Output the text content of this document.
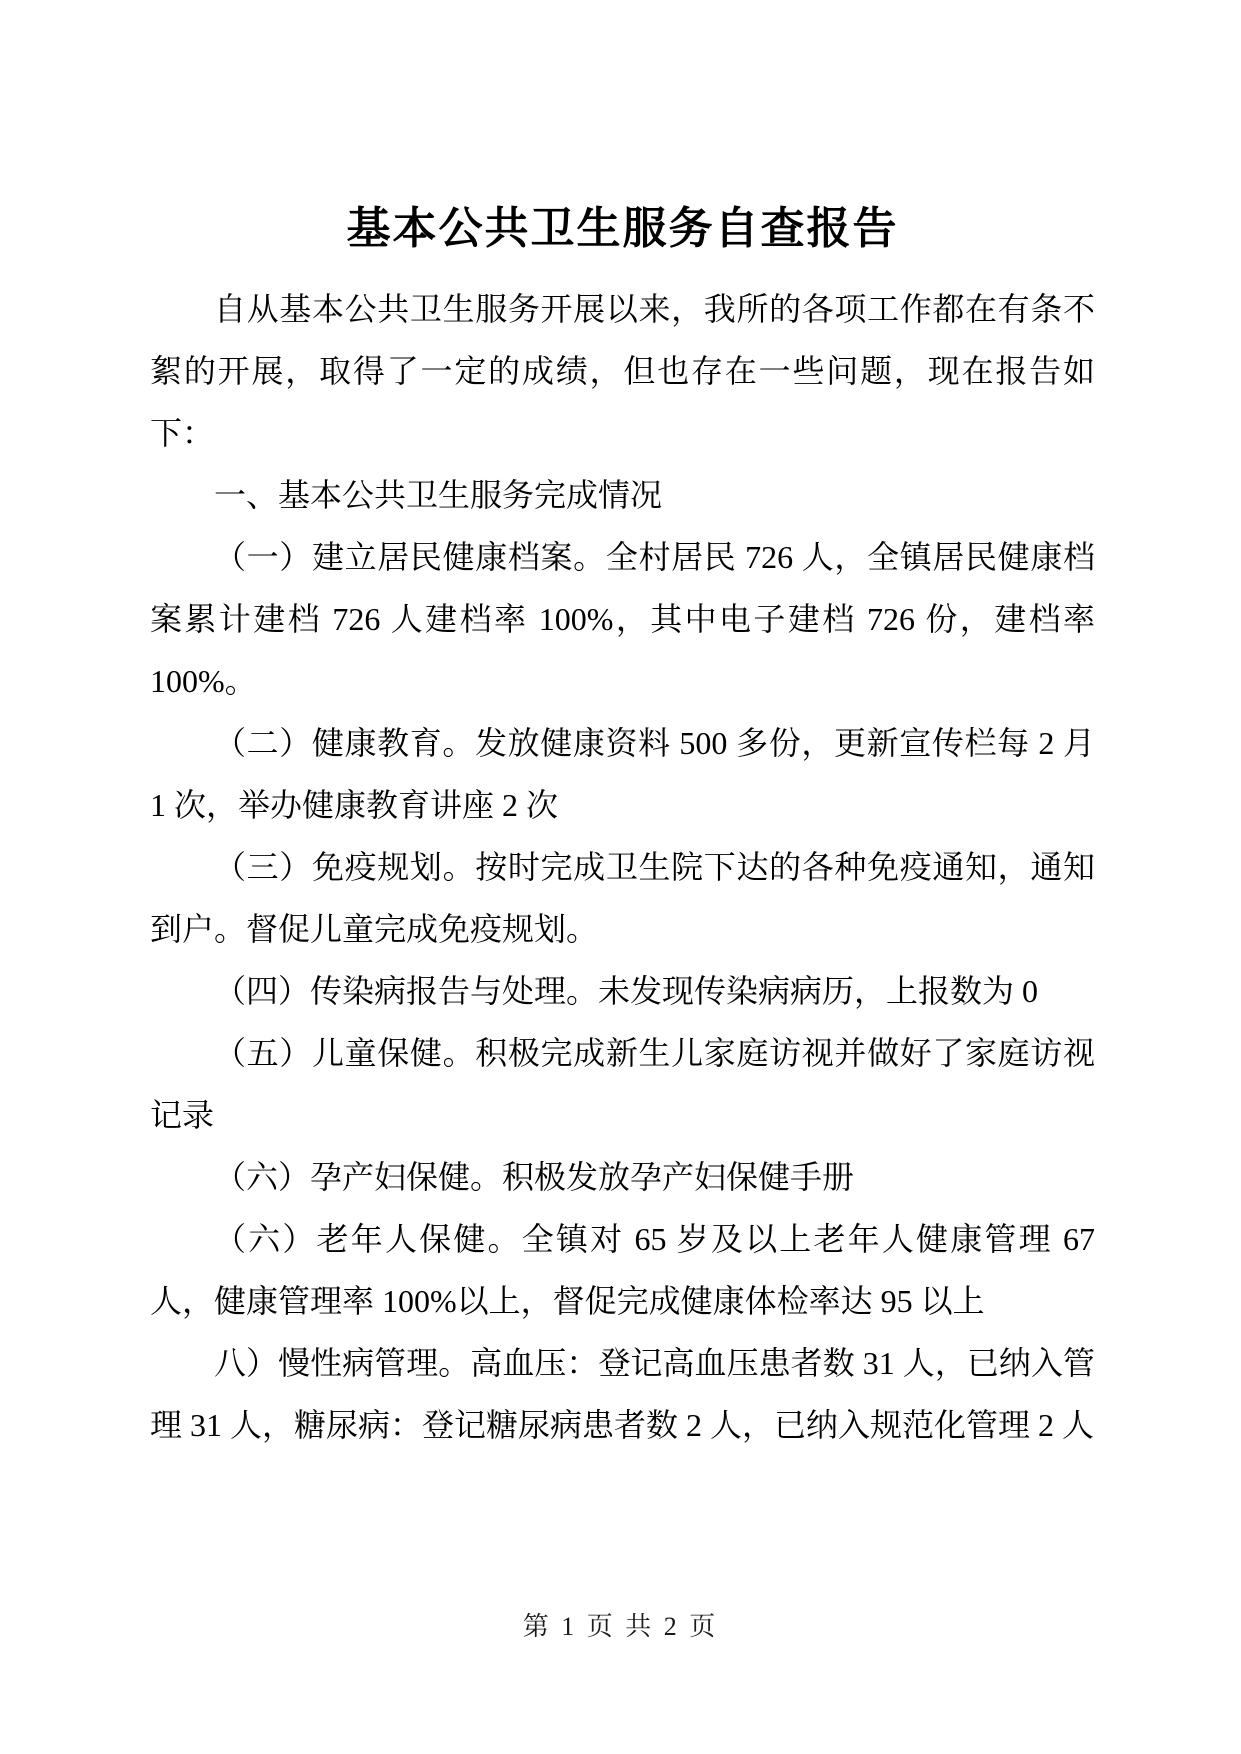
基本公共卫生服务自查报告

自从基本公共卫生服务开展以来，我所的各项工作都在有条不絮的开展，取得了一定的成绩，但也存在一些问题，现在报告如下：

一、基本公共卫生服务完成情况

（一）建立居民健康档案。全村居民 726 人，全镇居民健康档案累计建档 726 人建档率 100%，其中电子建档 726 份，建档率 100%。

（二）健康教育。发放健康资料 500 多份，更新宣传栏每 2 月 1 次，举办健康教育讲座 2 次

（三）免疫规划。按时完成卫生院下达的各种免疫通知，通知到户。督促儿童完成免疫规划。

（四）传染病报告与处理。未发现传染病病历，上报数为 0

（五）儿童保健。积极完成新生儿家庭访视并做好了家庭访视记录

（六）孕产妇保健。积极发放孕产妇保健手册

（六）老年人保健。全镇对 65 岁及以上老年人健康管理 67 人，健康管理率 100%以上，督促完成健康体检率达 95 以上

八）慢性病管理。高血压：登记高血压患者数 31 人，已纳入管理 31 人，糖尿病：登记糖尿病患者数 2 人，已纳入规范化管理 2 人

第 1 页 共 2 页
